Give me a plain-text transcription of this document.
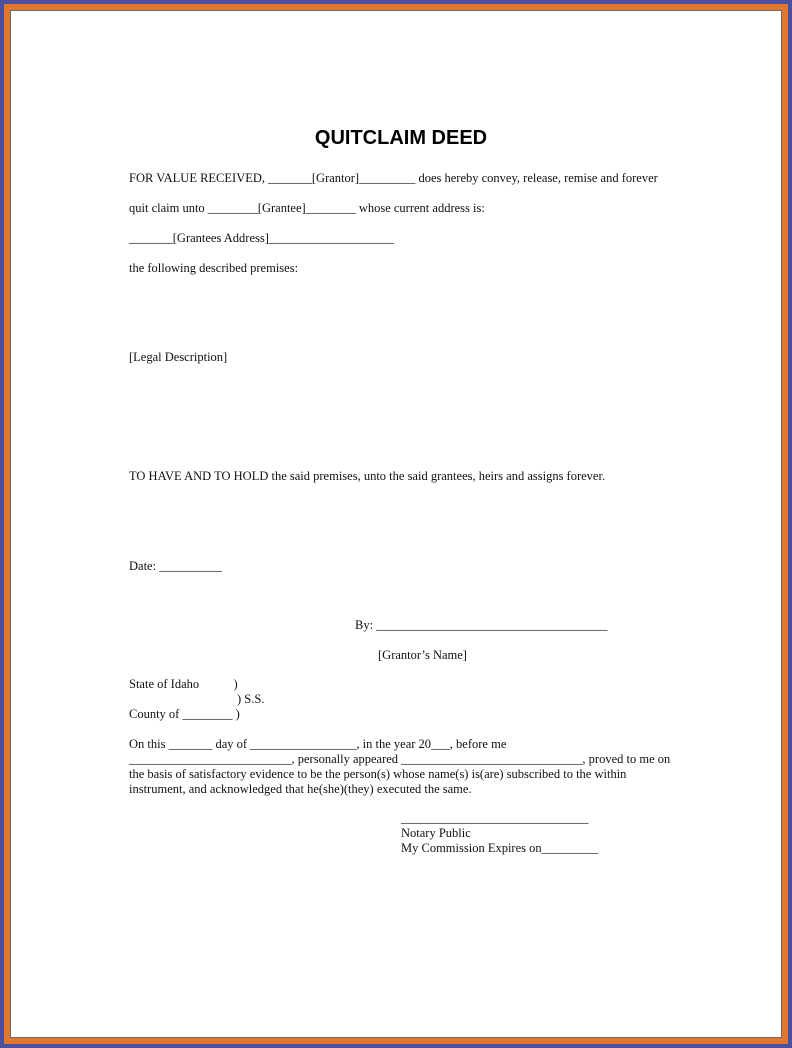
QUITCLAIM DEED
FOR VALUE RECEIVED, _______[Grantor]_________ does hereby convey, release, remise and forever
quit claim unto ________[Grantee]________ whose current address is:
_______[Grantees Address]____________________
the following described premises:
[Legal Description]
TO HAVE AND TO HOLD the said premises, unto the said grantees, heirs and assigns forever.
Date: __________
By: _____________________________________
[Grantor’s Name]
State of Idaho           )
) S.S.
County of ________ )
On this _______ day of _________________, in the year 20___, before me
__________________________, personally appeared _____________________________, proved to me on
the basis of satisfactory evidence to be the person(s) whose name(s) is(are) subscribed to the within
instrument, and acknowledged that he(she)(they) executed the same.
______________________________
Notary Public
My Commission Expires on_________
